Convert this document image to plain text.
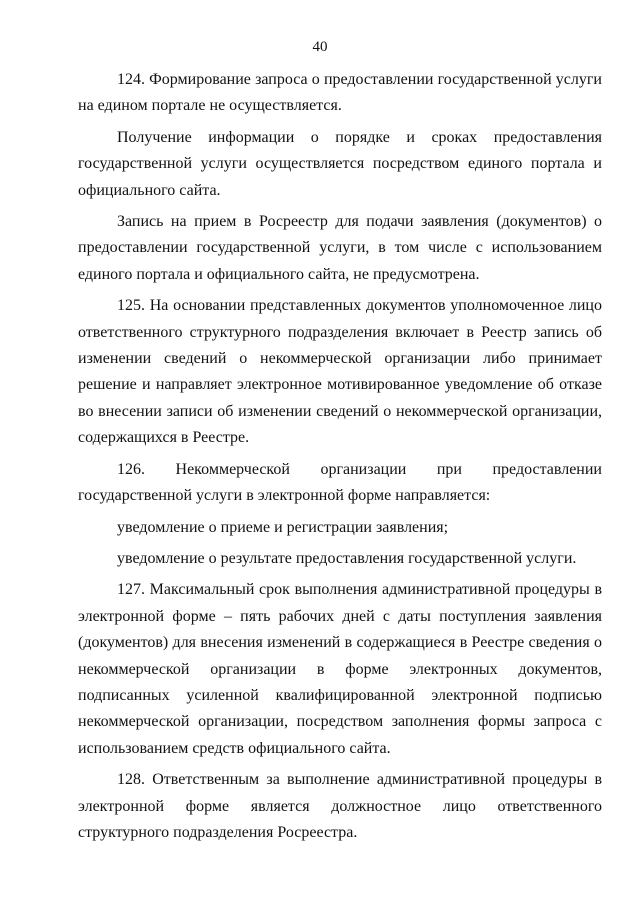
40

124. Формирование запроса о предоставлении государственной услуги на едином портале не осуществляется.

Получение информации о порядке и сроках предоставления государственной услуги осуществляется посредством единого портала и официального сайта.

Запись на прием в Росреестр для подачи заявления (документов) о предоставлении государственной услуги, в том числе с использованием единого портала и официального сайта, не предусмотрена.

125. На основании представленных документов уполномоченное лицо ответственного структурного подразделения включает в Реестр запись об изменении сведений о некоммерческой организации либо принимает решение и направляет электронное мотивированное уведомление об отказе во внесении записи об изменении сведений о некоммерческой организации, содержащихся в Реестре.

126. Некоммерческой организации при предоставлении государственной услуги в электронной форме направляется:

уведомление о приеме и регистрации заявления;

уведомление о результате предоставления государственной услуги.

127. Максимальный срок выполнения административной процедуры в электронной форме – пять рабочих дней с даты поступления заявления (документов) для внесения изменений в содержащиеся в Реестре сведения о некоммерческой организации в форме электронных документов, подписанных усиленной квалифицированной электронной подписью некоммерческой организации, посредством заполнения формы запроса с использованием средств официального сайта.

128. Ответственным за выполнение административной процедуры в электронной форме является должностное лицо ответственного структурного подразделения Росреестра.
